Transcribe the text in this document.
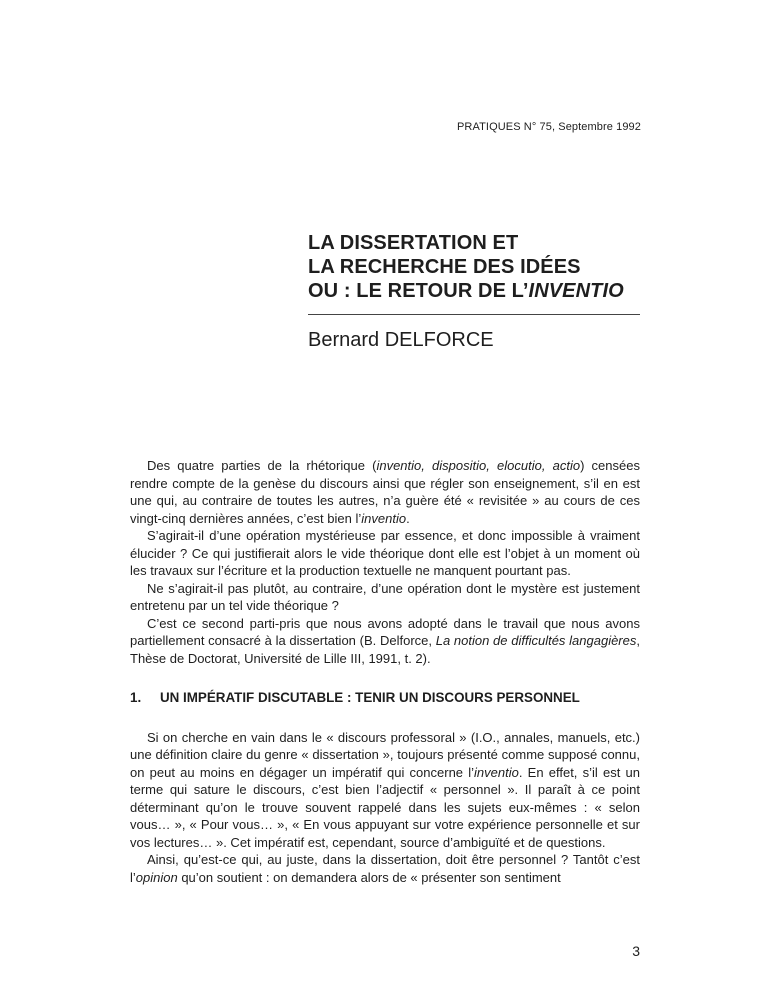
PRATIQUES N° 75, Septembre 1992
LA DISSERTATION ET
LA RECHERCHE DES IDÉES
OU : LE RETOUR DE L’INVENTIO
Bernard DELFORCE

Des quatre parties de la rhétorique (inventio, dispositio, elocutio, actio) censées rendre compte de la genèse du discours ainsi que régler son enseignement, s’il en est une qui, au contraire de toutes les autres, n’a guère été « revisitée » au cours de ces vingt-cinq dernières années, c’est bien l’inventio.

S’agirait-il d’une opération mystérieuse par essence, et donc impossible à vraiment élucider ? Ce qui justifierait alors le vide théorique dont elle est l’objet à un moment où les travaux sur l’écriture et la production textuelle ne manquent pourtant pas.

Ne s’agirait-il pas plutôt, au contraire, d’une opération dont le mystère est justement entretenu par un tel vide théorique ?

C’est ce second parti-pris que nous avons adopté dans le travail que nous avons partiellement consacré à la dissertation (B. Delforce, La notion de difficultés langagières, Thèse de Doctorat, Université de Lille III, 1991, t. 2).

1.	UN IMPÉRATIF DISCUTABLE : TENIR UN DISCOURS PERSONNEL

Si on cherche en vain dans le « discours professoral » (I.O., annales, manuels, etc.) une définition claire du genre « dissertation », toujours présenté comme supposé connu, on peut au moins en dégager un impératif qui concerne l’inventio. En effet, s’il est un terme qui sature le discours, c’est bien l’adjectif « personnel ». Il paraît à ce point déterminant qu’on le trouve souvent rappelé dans les sujets eux-mêmes : « selon vous… », « Pour vous… », « En vous appuyant sur votre expérience personnelle et sur vos lectures… ». Cet impératif est, cependant, source d’ambiguïté et de questions.

Ainsi, qu’est-ce qui, au juste, dans la dissertation, doit être personnel ? Tantôt c’est l’opinion qu’on soutient : on demandera alors de « présenter son sentiment

3
